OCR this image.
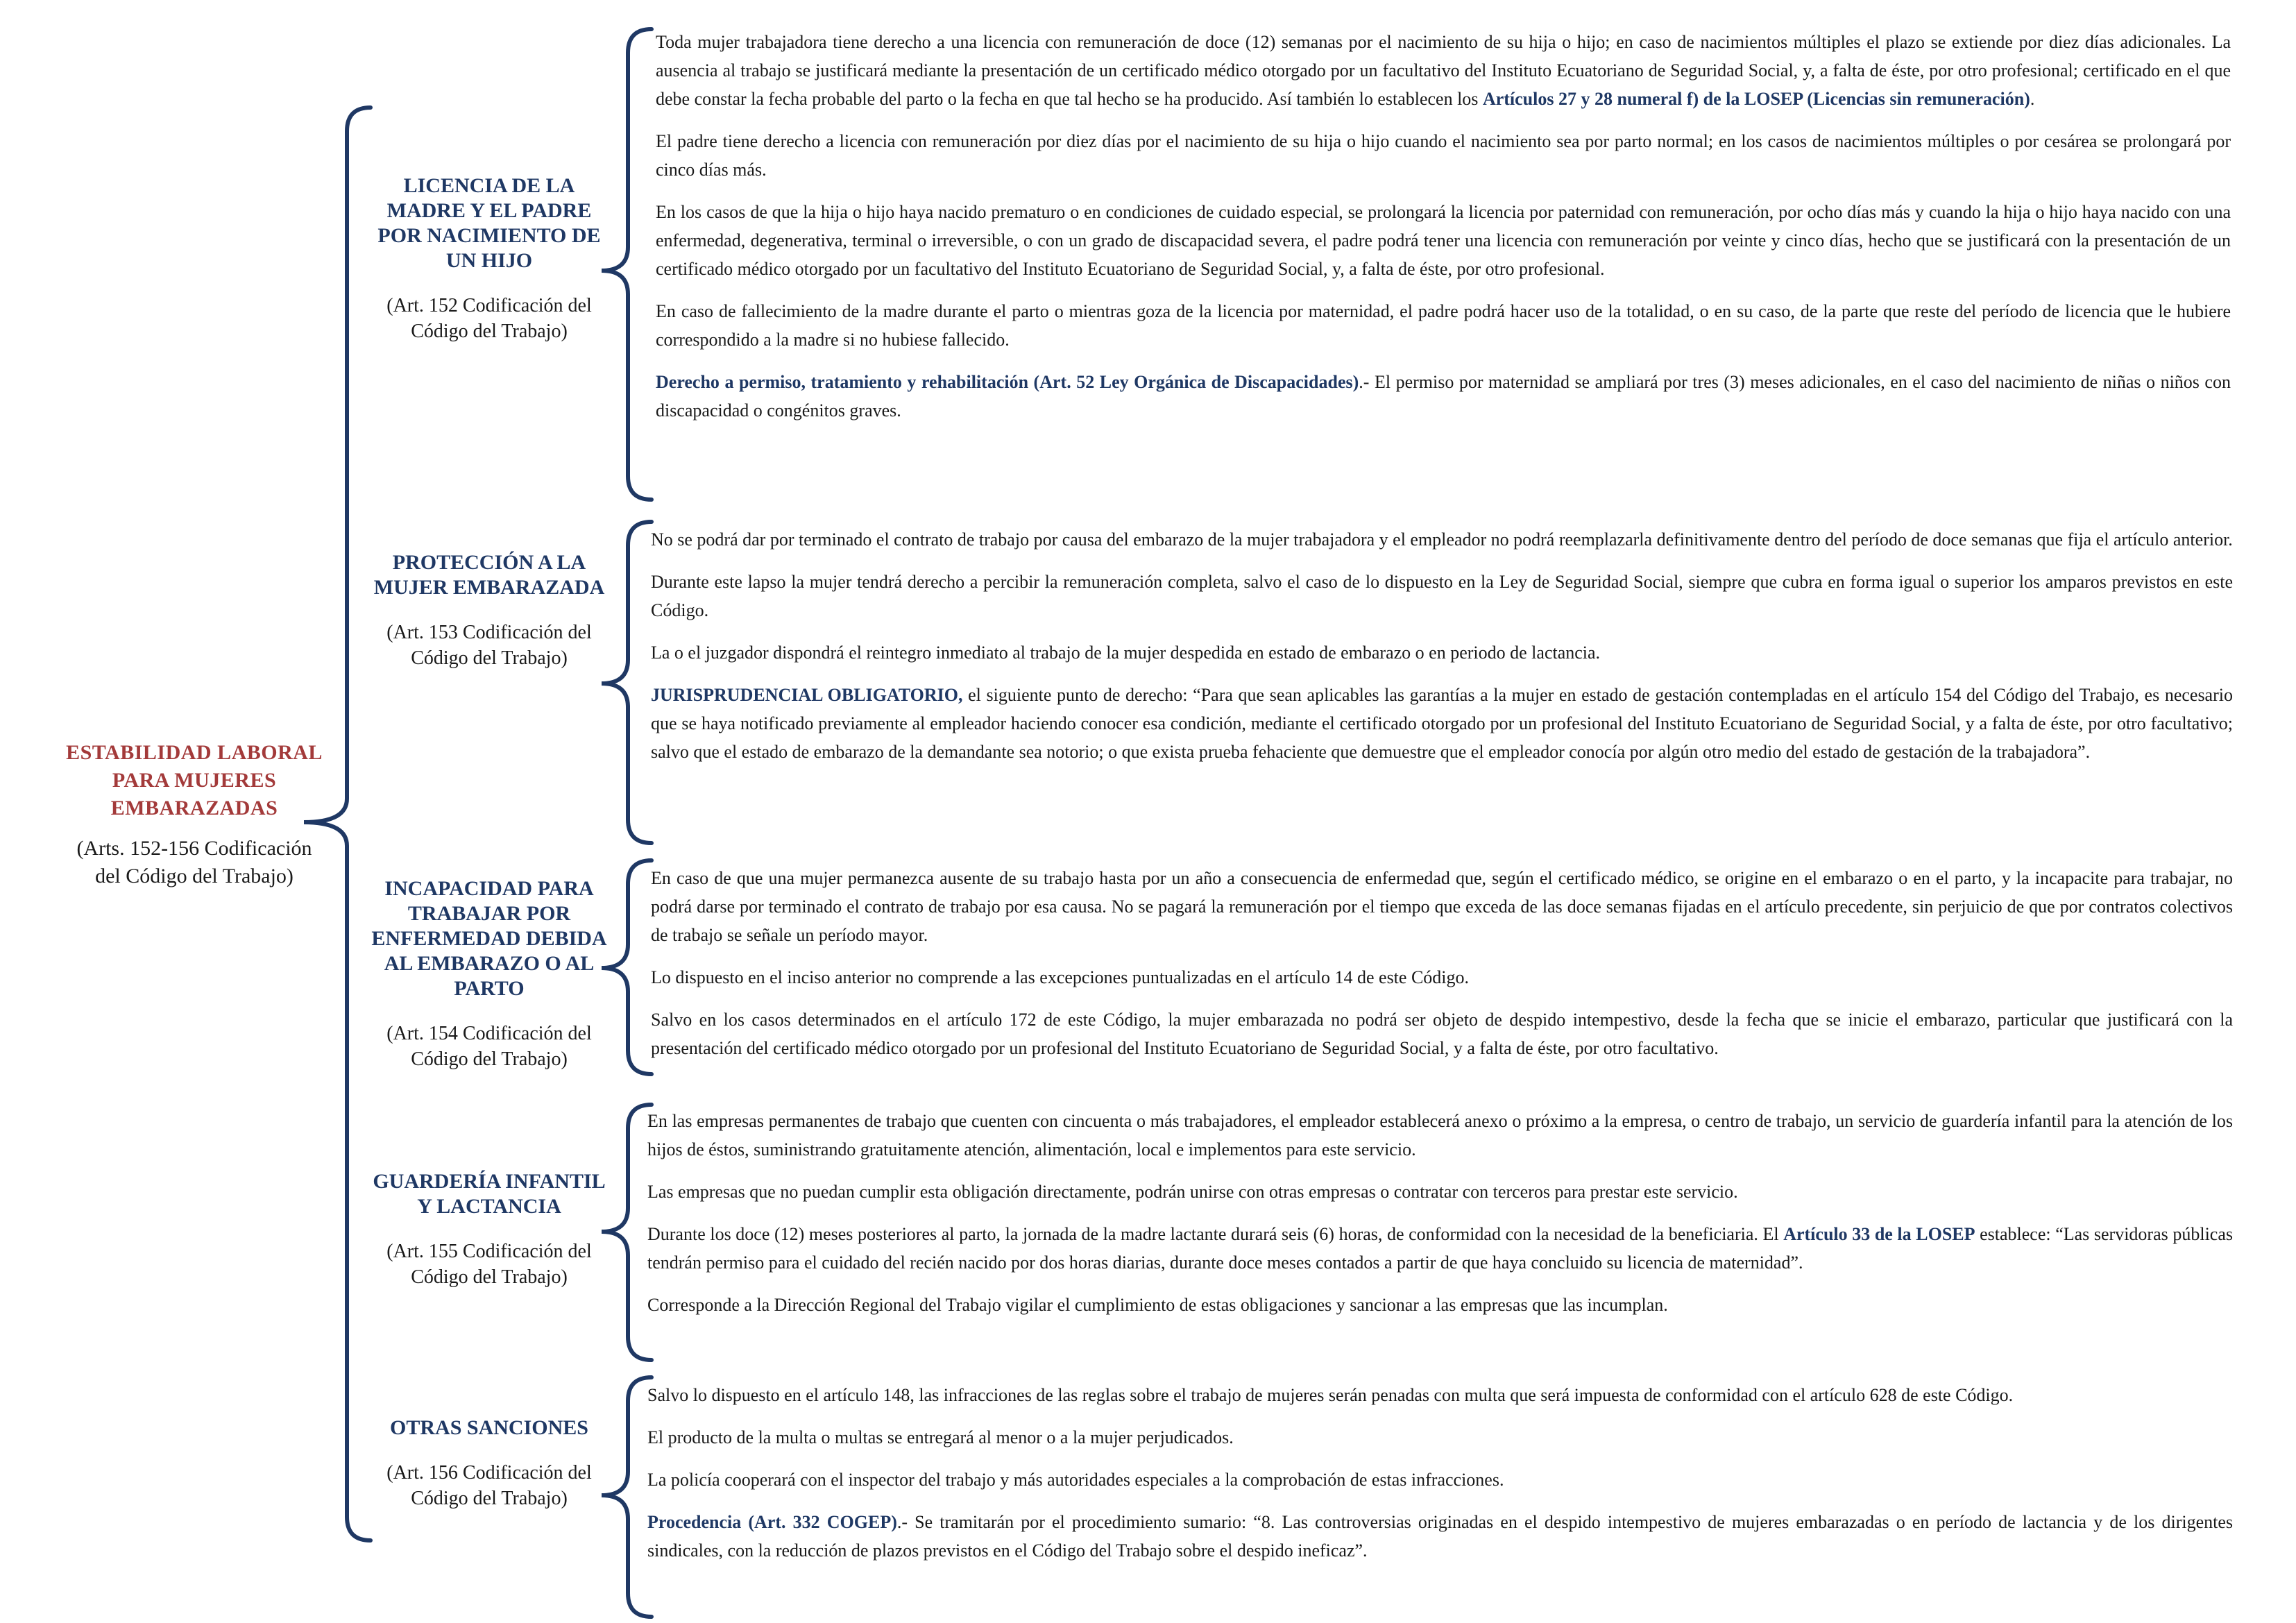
ESTABILIDAD LABORAL PARA MUJERES EMBARAZADAS
(Arts. 152-156 Codificación del Código del Trabajo)
LICENCIA DE LA MADRE Y EL PADRE POR NACIMIENTO DE UN HIJO
(Art. 152 Codificación del Código del Trabajo)

Toda mujer trabajadora tiene derecho a una licencia con remuneración de doce (12) semanas por el nacimiento de su hija o hijo; en caso de nacimientos múltiples el plazo se extiende por diez días adicionales. La ausencia al trabajo se justificará mediante la presentación de un certificado médico otorgado por un facultativo del Instituto Ecuatoriano de Seguridad Social, y, a falta de éste, por otro profesional; certificado en el que debe constar la fecha probable del parto o la fecha en que tal hecho se ha producido. Así también lo establecen los Artículos 27 y 28 numeral f) de la LOSEP (Licencias sin remuneración).

El padre tiene derecho a licencia con remuneración por diez días por el nacimiento de su hija o hijo cuando el nacimiento sea por parto normal; en los casos de nacimientos múltiples o por cesárea se prolongará por cinco días más.

En los casos de que la hija o hijo haya nacido prematuro o en condiciones de cuidado especial, se prolongará la licencia por paternidad con remuneración, por ocho días más y cuando la hija o hijo haya nacido con una enfermedad, degenerativa, terminal o irreversible, o con un grado de discapacidad severa, el padre podrá tener una licencia con remuneración por veinte y cinco días, hecho que se justificará con la presentación de un certificado médico otorgado por un facultativo del Instituto Ecuatoriano de Seguridad Social, y, a falta de éste, por otro profesional.

En caso de fallecimiento de la madre durante el parto o mientras goza de la licencia por maternidad, el padre podrá hacer uso de la totalidad, o en su caso, de la parte que reste del período de licencia que le hubiere correspondido a la madre si no hubiese fallecido.

Derecho a permiso, tratamiento y rehabilitación (Art. 52 Ley Orgánica de Discapacidades).- El permiso por maternidad se ampliará por tres (3) meses adicionales, en el caso del nacimiento de niñas o niños con discapacidad o congénitos graves.

PROTECCIÓN A LA MUJER EMBARAZADA
(Art. 153 Codificación del Código del Trabajo)

No se podrá dar por terminado el contrato de trabajo por causa del embarazo de la mujer trabajadora y el empleador no podrá reemplazarla definitivamente dentro del período de doce semanas que fija el artículo anterior.

Durante este lapso la mujer tendrá derecho a percibir la remuneración completa, salvo el caso de lo dispuesto en la Ley de Seguridad Social, siempre que cubra en forma igual o superior los amparos previstos en este Código.

La o el juzgador dispondrá el reintegro inmediato al trabajo de la mujer despedida en estado de embarazo o en periodo de lactancia.

JURISPRUDENCIAL OBLIGATORIO, el siguiente punto de derecho: “Para que sean aplicables las garantías a la mujer en estado de gestación contempladas en el artículo 154 del Código del Trabajo, es necesario que se haya notificado previamente al empleador haciendo conocer esa condición, mediante el certificado otorgado por un profesional del Instituto Ecuatoriano de Seguridad Social, y a falta de éste, por otro facultativo; salvo que el estado de embarazo de la demandante sea notorio; o que exista prueba fehaciente que demuestre que el empleador conocía por algún otro medio del estado de gestación de la trabajadora”.

INCAPACIDAD PARA TRABAJAR POR ENFERMEDAD DEBIDA AL EMBARAZO O AL PARTO
(Art. 154 Codificación del Código del Trabajo)

En caso de que una mujer permanezca ausente de su trabajo hasta por un año a consecuencia de enfermedad que, según el certificado médico, se origine en el embarazo o en el parto, y la incapacite para trabajar, no podrá darse por terminado el contrato de trabajo por esa causa. No se pagará la remuneración por el tiempo que exceda de las doce semanas fijadas en el artículo precedente, sin perjuicio de que por contratos colectivos de trabajo se señale un período mayor.

Lo dispuesto en el inciso anterior no comprende a las excepciones puntualizadas en el artículo 14 de este Código.

Salvo en los casos determinados en el artículo 172 de este Código, la mujer embarazada no podrá ser objeto de despido intempestivo, desde la fecha que se inicie el embarazo, particular que justificará con la presentación del certificado médico otorgado por un profesional del Instituto Ecuatoriano de Seguridad Social, y a falta de éste, por otro facultativo.

GUARDERÍA INFANTIL Y LACTANCIA
(Art. 155 Codificación del Código del Trabajo)

En las empresas permanentes de trabajo que cuenten con cincuenta o más trabajadores, el empleador establecerá anexo o próximo a la empresa, o centro de trabajo, un servicio de guardería infantil para la atención de los hijos de éstos, suministrando gratuitamente atención, alimentación, local e implementos para este servicio.

Las empresas que no puedan cumplir esta obligación directamente, podrán unirse con otras empresas o contratar con terceros para prestar este servicio.

Durante los doce (12) meses posteriores al parto, la jornada de la madre lactante durará seis (6) horas, de conformidad con la necesidad de la beneficiaria. El Artículo 33 de la LOSEP establece: “Las servidoras públicas tendrán permiso para el cuidado del recién nacido por dos horas diarias, durante doce meses contados a partir de que haya concluido su licencia de maternidad”.

Corresponde a la Dirección Regional del Trabajo vigilar el cumplimiento de estas obligaciones y sancionar a las empresas que las incumplan.

OTRAS SANCIONES
(Art. 156 Codificación del Código del Trabajo)

Salvo lo dispuesto en el artículo 148, las infracciones de las reglas sobre el trabajo de mujeres serán penadas con multa que será impuesta de conformidad con el artículo 628 de este Código.

El producto de la multa o multas se entregará al menor o a la mujer perjudicados.

La policía cooperará con el inspector del trabajo y más autoridades especiales a la comprobación de estas infracciones.

Procedencia (Art. 332 COGEP).- Se tramitarán por el procedimiento sumario: “8. Las controversias originadas en el despido intempestivo de mujeres embarazadas o en período de lactancia y de los dirigentes sindicales, con la reducción de plazos previstos en el Código del Trabajo sobre el despido ineficaz”.
